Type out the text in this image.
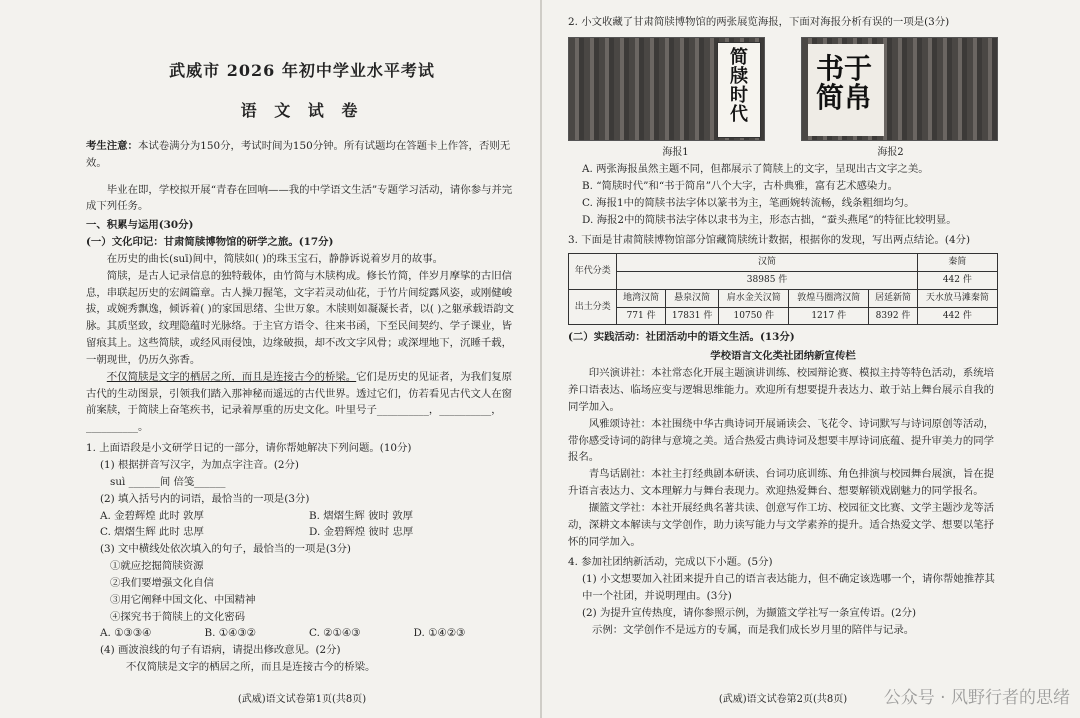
武威市 2026 年初中学业水平考试
语 文 试 卷
考生注意：本试卷满分为150分，考试时间为150分钟。所有试题均在答题卡上作答，否则无效。

毕业在即，学校拟开展“青春在回响——我的中学语文生活”专题学习活动，请你参与并完成下列任务。

一、积累与运用(30分)
(一）文化印记：甘肃简牍博物馆的研学之旅。(17分)

在历史的曲长(suī)间中，简牍如( )的珠玉宝石，静静诉说着岁月的故事。

简牍，是古人记录信息的独特载体，由竹简与木牍构成。修长竹简，伴岁月摩挲的古旧信息，串联起历史的宏阔篇章。古人操刀握笔，文字若灵动仙花，于竹片间绽露风姿，或刚健峻拔，或婉秀飘逸，倾诉着( )的家国思绪、尘世万象。木牍则如凝凝长者，以( )之躯承载语韵文脉。其质坚致，纹理隐蕴时光脉络。于主官方语令、往来书函，下至民间契约、学子课业，皆留痕其上。这些简牍，或经风雨侵蚀，边缘破损，却不改文字风骨；或深埋地下，沉睡千载，一朝现世，仍历久弥香。

不仅简牍是文字的栖居之所，而且是连接古今的桥梁。它们是历史的见证者，为我们复原古代的生动图景，引领我们踏入那神秘而遥远的古代世界。透过它们，仿若看见古代文人在窗前案牍，于简牍上奋笔疾书，记录着厚重的历史文化。叶里号子__________，__________，__________。

1. 上面语段是小文研学日记的一部分，请你帮她解决下列问题。(10分)
(1) 根据拼音写汉字，为加点字注音。(2分)
suì ______间 倍笺______
(2) 填入括号内的词语，最恰当的一项是(3分)
A. 金碧辉煌 此时 敦厚	B. 熠熠生辉 彼时 敦厚
C. 熠熠生辉 此时 忠厚	D. 金碧辉煌 彼时 忠厚
(3) 文中横线处依次填入的句子，最恰当的一项是(3分)
①就应挖掘简牍资源
②我们要增强文化自信
③用它阐释中国文化、中国精神
④探究书于简牍上的文化密码
A. ①③③④	B. ①④③②	C. ②①④③	D. ①④②③
(4) 画波浪线的句子有语病，请提出修改意见。(2分)
不仅简牍是文字的栖居之所，而且是连接古今的桥梁。
(武威)语文试卷第1页(共8页)
2. 小文收藏了甘肃简牍博物馆的两张展览海报，下面对海报分析有误的一项是(3分)
简牍时代
书于简帛
海报1	海报2
A. 两张海报虽然主题不同，但都展示了简牍上的文字，呈现出古文字之美。
B. “简牍时代”和“书于简帛”八个大字，古朴典雅，富有艺术感染力。
C. 海报1中的简牍书法字体以篆书为主，笔画婉转流畅，线条粗细均匀。
D. 海报2中的简牍书法字体以隶书为主，形态古拙，“蚕头燕尾”的特征比较明显。
3. 下面是甘肃简牍博物馆部分馆藏简牍统计数据，根据你的发现，写出两点结论。(4分)
年代分类	汉简					秦简
	38985 件					442 件
出土分类	地湾汉简	悬泉汉简	肩水金关汉简	敦煌马圈湾汉简	居延新简	天水放马滩秦简
	771 件	17831 件	10750 件	1217 件	8392 件	442 件
(二）实践活动：社团活动中的语文生活。(13分)
学校语言文化类社团纳新宣传栏

印兴演讲社：本社常态化开展主题演讲训练、校园辩论赛、模拟主持等特色活动，系统培养口语表达、临场应变与逻辑思维能力。欢迎所有想要提升表达力、敢于站上舞台展示自我的同学加入。

风雅颂诗社：本社围绕中华古典诗词开展诵读会、飞花令、诗词默写与诗词原创等活动，带你感受诗词的韵律与意境之美。适合热爱古典诗词及想要丰厚诗词底蕴、提升审美力的同学报名。

青鸟话剧社：本社主打经典剧本研读、台词功底训练、角色排演与校园舞台展演，旨在提升语言表达力、文本理解力与舞台表现力。欢迎热爱舞台、想要解锁戏剧魅力的同学报名。

撷篮文学社：本社开展经典名著共读、创意写作工坊、校园征文比赛、文学主题沙龙等活动，深耕文本解读与文学创作，助力读写能力与文学素养的提升。适合热爱文学、想要以笔抒怀的同学加入。

4. 参加社团纳新活动，完成以下小题。(5分)
(1) 小文想要加入社团来提升自己的语言表达能力，但不确定该选哪一个，请你帮她推荐其中一个社团，并说明理由。(3分)
(2) 为提升宣传热度，请你参照示例，为撷篮文学社写一条宣传语。(2分)
示例：文学创作不是远方的专属，而是我们成长岁月里的陪伴与记录。
(武威)语文试卷第2页(共8页)	公众号 · 风野行者的思绪
